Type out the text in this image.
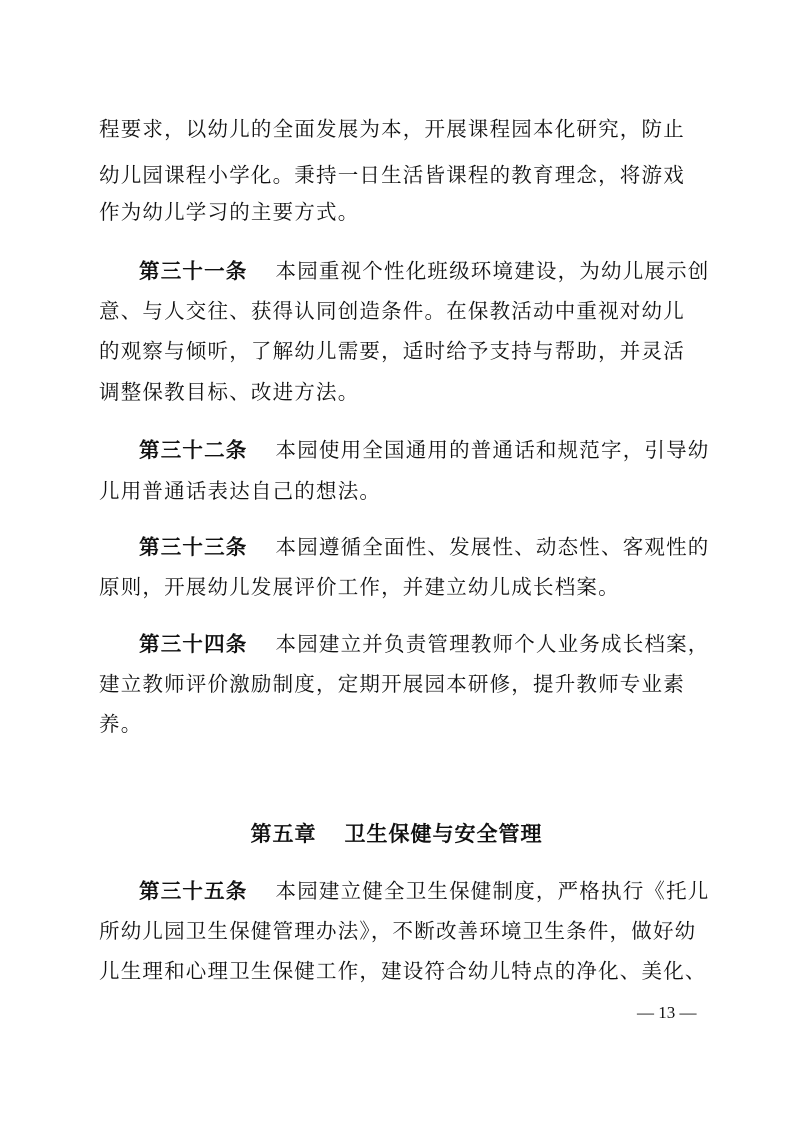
程要求，以幼儿的全面发展为本，开展课程园本化研究，防止
幼儿园课程小学化。秉持一日生活皆课程的教育理念，将游戏
作为幼儿学习的主要方式。
第三十一条 本园重视个性化班级环境建设，为幼儿展示创
意、与人交往、获得认同创造条件。在保教活动中重视对幼儿
的观察与倾听，了解幼儿需要，适时给予支持与帮助，并灵活
调整保教目标、改进方法。
第三十二条 本园使用全国通用的普通话和规范字，引导幼
儿用普通话表达自己的想法。
第三十三条 本园遵循全面性、发展性、动态性、客观性的
原则，开展幼儿发展评价工作，并建立幼儿成长档案。
第三十四条 本园建立并负责管理教师个人业务成长档案，
建立教师评价激励制度，定期开展园本研修，提升教师专业素
养。
第五章 卫生保健与安全管理
第三十五条 本园建立健全卫生保健制度，严格执行《托儿
所幼儿园卫生保健管理办法》，不断改善环境卫生条件，做好幼
儿生理和心理卫生保健工作，建设符合幼儿特点的净化、美化、
— 13 —
